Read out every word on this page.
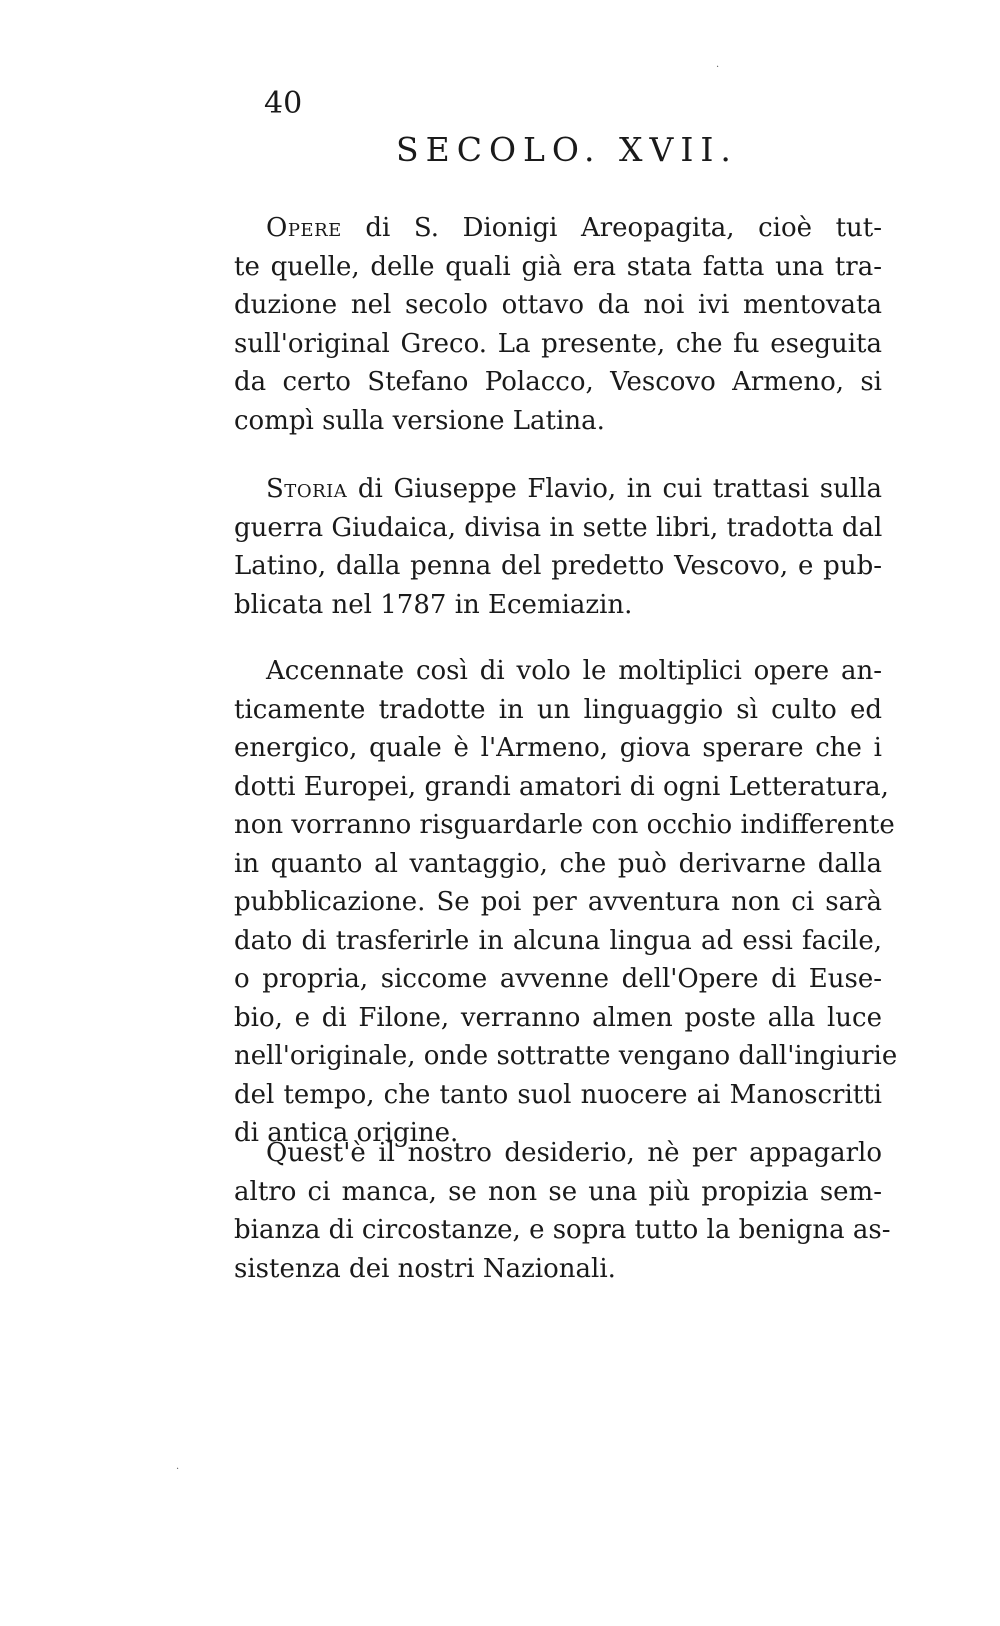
40
SECOLO. XVII.
Opere di S. Dionigi Areopagita, cioè tut-
te quelle, delle quali già era stata fatta una tra-
duzione nel secolo ottavo da noi ivi mentovata
sull'original Greco. La presente, che fu eseguita
da certo Stefano Polacco, Vescovo Armeno, si
compì sulla versione Latina.
Storia di Giuseppe Flavio, in cui trattasi sulla
guerra Giudaica, divisa in sette libri, tradotta dal
Latino, dalla penna del predetto Vescovo, e pub-
blicata nel 1787 in Ecemiazin.
Accennate così di volo le moltiplici opere an-
ticamente tradotte in un linguaggio sì culto ed
energico, quale è l'Armeno, giova sperare che i
dotti Europei, grandi amatori di ogni Letteratura,
non vorranno risguardarle con occhio indifferente
in quanto al vantaggio, che può derivarne dalla
pubblicazione. Se poi per avventura non ci sarà
dato di trasferirle in alcuna lingua ad essi facile,
o propria, siccome avvenne dell'Opere di Euse-
bio, e di Filone, verranno almen poste alla luce
nell'originale, onde sottratte vengano dall'ingiurie
del tempo, che tanto suol nuocere ai Manoscritti
di antica origine.
Quest'è il nostro desiderio, nè per appagarlo
altro ci manca, se non se una più propizia sem-
bianza di circostanze, e sopra tutto la benigna as-
sistenza dei nostri Nazionali.
·
·
